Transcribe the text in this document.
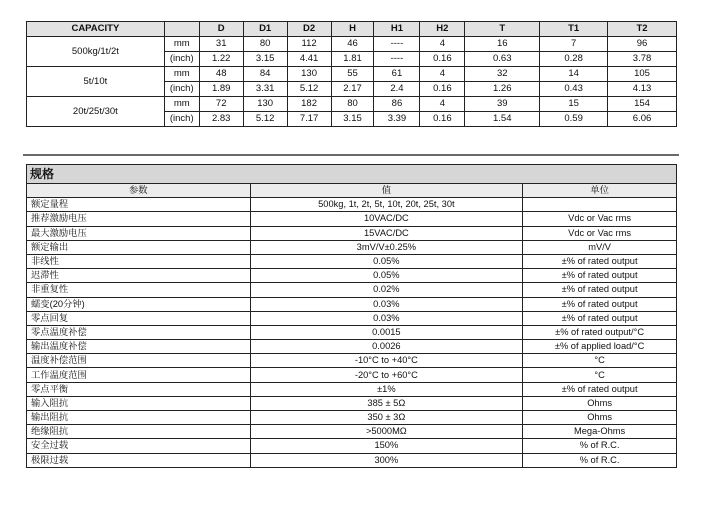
CAPACITY		D	D1	D2	H	H1	H2	T	T1	T2
500kg/1t/2t	mm	31	80	112	46	----	4	16	7	96
	(inch)	1.22	3.15	4.41	1.81	----	0.16	0.63	0.28	3.78
5t/10t	mm	48	84	130	55	61	4	32	14	105
	(inch)	1.89	3.31	5.12	2.17	2.4	0.16	1.26	0.43	4.13
20t/25t/30t	mm	72	130	182	80	86	4	39	15	154
	(inch)	2.83	5.12	7.17	3.15	3.39	0.16	1.54	0.59	6.06
规格		
参数	值	单位
额定量程	500kg, 1t, 2t, 5t, 10t, 20t, 25t, 30t	
推荐激励电压	10VAC/DC	Vdc or Vac rms
最大激励电压	15VAC/DC	Vdc or Vac rms
额定输出	3mV/V±0.25%	mV/V
非线性	0.05%	±% of rated output
迟滞性	0.05%	±% of rated output
非重复性	0.02%	±% of rated output
蠕变(20分钟)	0.03%	±% of rated output
零点回复	0.03%	±% of rated output
零点温度补偿	0.0015	±% of rated output/°C
输出温度补偿	0.0026	±% of applied load/°C
温度补偿范围	-10°C to +40°C	°C
工作温度范围	-20°C to +60°C	°C
零点平衡	±1%	±% of rated output
输入阻抗	385 ± 5Ω	Ohms
输出阻抗	350 ± 3Ω	Ohms
绝缘阻抗	>5000MΩ	Mega-Ohms
安全过载	150%	% of R.C.
极限过载	300%	% of R.C.
